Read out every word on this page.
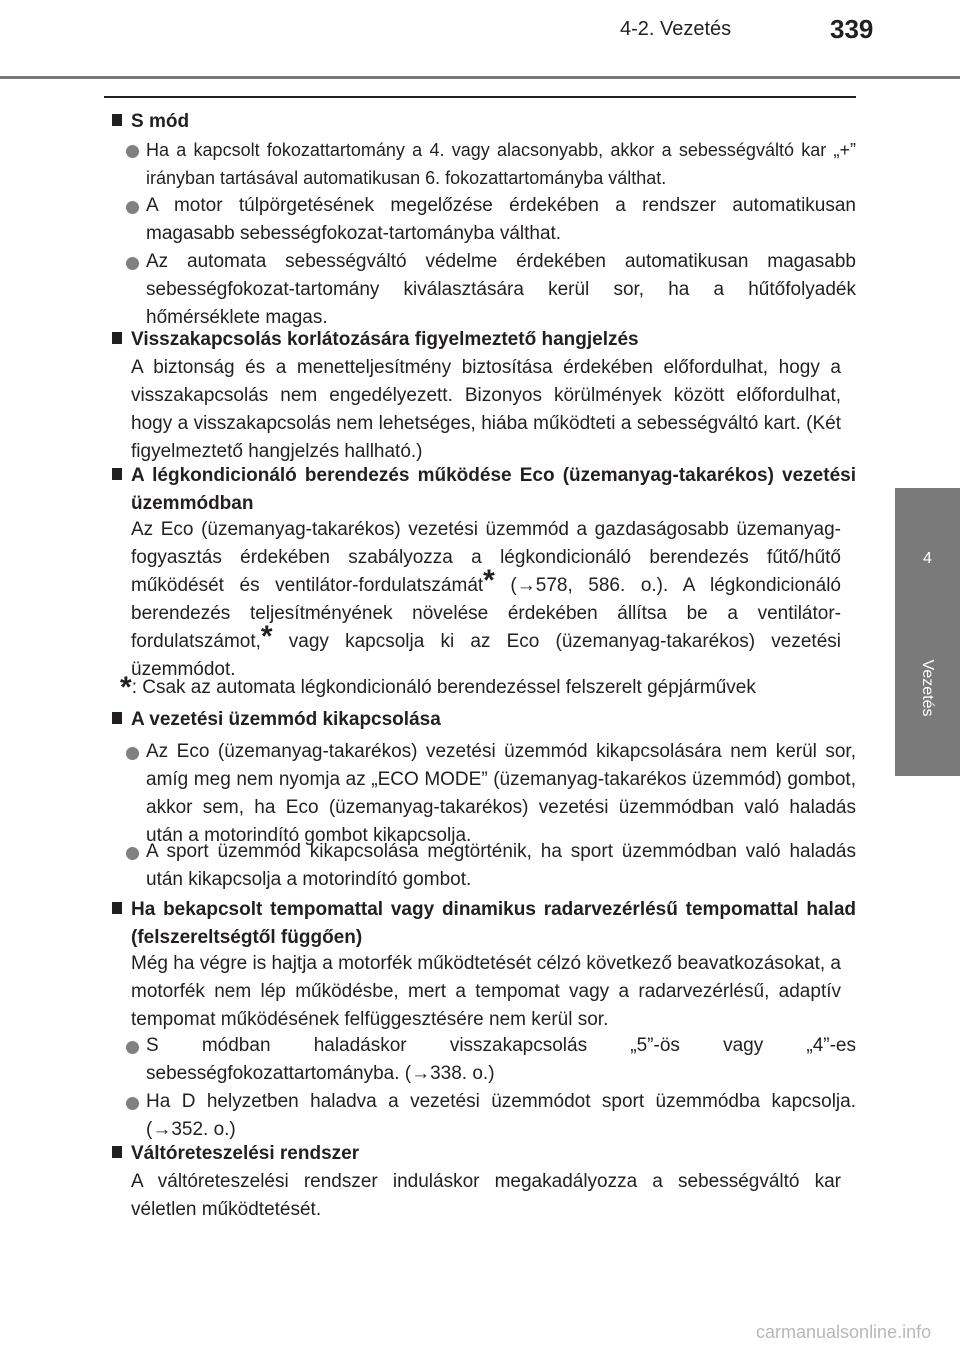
4-2. Vezetés	339
4
Vezetés
S mód
Ha a kapcsolt fokozattartomány a 4. vagy alacsonyabb, akkor a sebességváltó kar „+” irányban tartásával automatikusan 6. fokozattartományba válthat.
A motor túlpörgetésének megelőzése érdekében a rendszer automatikusan magasabb sebességfokozat-tartományba válthat.
Az automata sebességváltó védelme érdekében automatikusan magasabb sebességfokozat-tartomány kiválasztására kerül sor, ha a hűtőfolyadék hőmérséklete magas.
Visszakapcsolás korlátozására figyelmeztető hangjelzés
A biztonság és a menetteljesítmény biztosítása érdekében előfordulhat, hogy a visszakapcsolás nem engedélyezett. Bizonyos körülmények között előfordulhat, hogy a visszakapcsolás nem lehetséges, hiába működteti a sebességváltó kart. (Két figyelmeztető hangjelzés hallható.)
A légkondicionáló berendezés működése Eco (üzemanyag-takarékos) vezetési üzemmódban
Az Eco (üzemanyag-takarékos) vezetési üzemmód a gazdaságosabb üzemanyag-fogyasztás érdekében szabályozza a légkondicionáló berendezés fűtő/hűtő működését és ventilátor-fordulatszámát* (→578, 586. o.). A légkondicionáló berendezés teljesítményének növelése érdekében állítsa be a ventilátor-fordulatszámot,* vagy kapcsolja ki az Eco (üzemanyag-takarékos) vezetési üzemmódot.
*: Csak az automata légkondicionáló berendezéssel felszerelt gépjárművek
A vezetési üzemmód kikapcsolása
Az Eco (üzemanyag-takarékos) vezetési üzemmód kikapcsolására nem kerül sor, amíg meg nem nyomja az „ECO MODE” (üzemanyag-takarékos üzemmód) gombot, akkor sem, ha Eco (üzemanyag-takarékos) vezetési üzemmódban való haladás után a motorindító gombot kikapcsolja.
A sport üzemmód kikapcsolása megtörténik, ha sport üzemmódban való haladás után kikapcsolja a motorindító gombot.
Ha bekapcsolt tempomattal vagy dinamikus radarvezérlésű tempomattal halad (felszereltségtől függően)
Még ha végre is hajtja a motorfék működtetését célzó következő beavatkozásokat, a motorfék nem lép működésbe, mert a tempomat vagy a radarvezérlésű, adaptív tempomat működésének felfüggesztésére nem kerül sor.
S módban haladáskor visszakapcsolás „5”-ös vagy „4”-es sebességfokozattartományba. (→338. o.)
Ha D helyzetben haladva a vezetési üzemmódot sport üzemmódba kapcsolja. (→352. o.)
Váltóreteszelési rendszer
A váltóreteszelési rendszer induláskor megakadályozza a sebességváltó kar véletlen működtetését.
carmanualsonline.info
